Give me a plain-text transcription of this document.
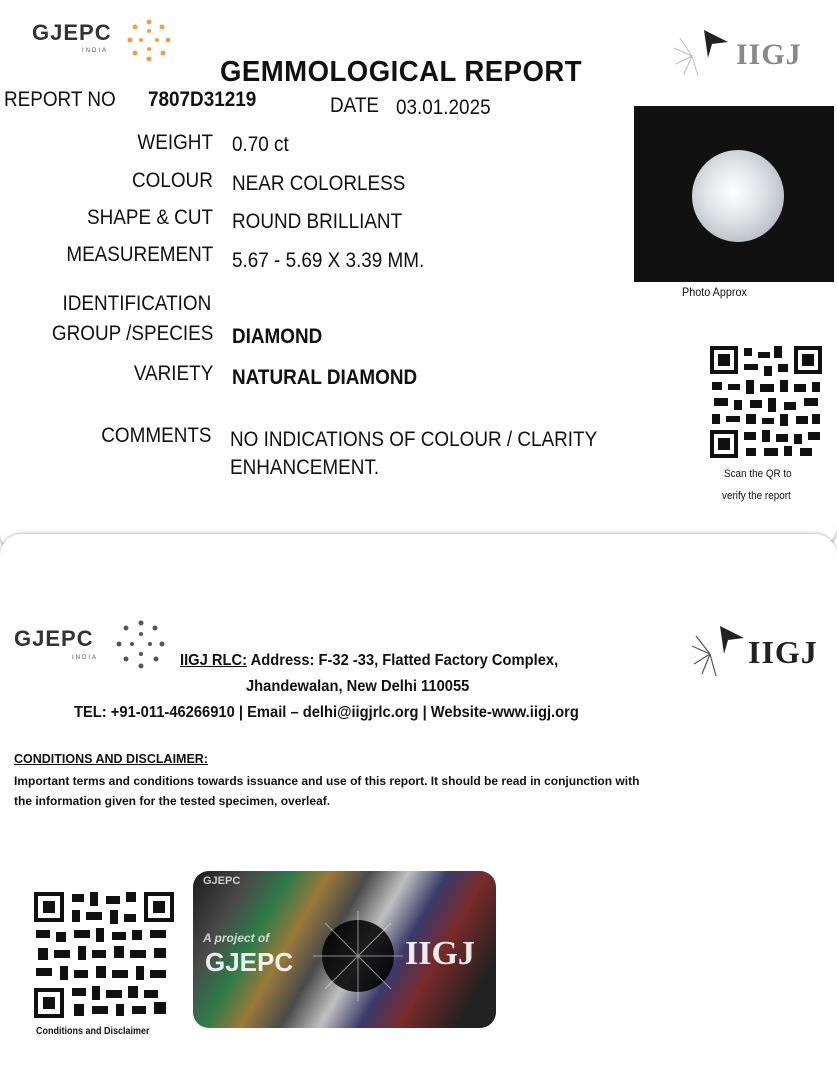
GJEPC
INDIA	IIGJ
GEMMOLOGICAL REPORT
REPORT NO 7807D31219	DATE 03.01.2025
WEIGHT 0.70 ct
COLOUR NEAR COLORLESS
SHAPE & CUT ROUND BRILLIANT
MEASUREMENT 5.67 - 5.69 X 3.39 MM.
IDENTIFICATION
GROUP /SPECIES DIAMOND
VARIETY NATURAL DIAMOND
COMMENTS NO INDICATIONS OF COLOUR / CLARITY
ENHANCEMENT.
Photo Approx
Scan the QR to
verify the report
GJEPC
INDIA	IIGJ
IIGJ RLC: Address: F-32 -33, Flatted Factory Complex,
Jhandewalan, New Delhi 110055
TEL: +91-011-46266910 | Email – delhi@iigjrlc.org | Website-www.iigj.org
CONDITIONS AND DISCLAIMER:
Important terms and conditions towards issuance and use of this report. It should be read in conjunction with
the information given for the tested specimen, overleaf.
Conditions and Disclaimer
GJEPC
A project of
GJEPC	IIGJ
